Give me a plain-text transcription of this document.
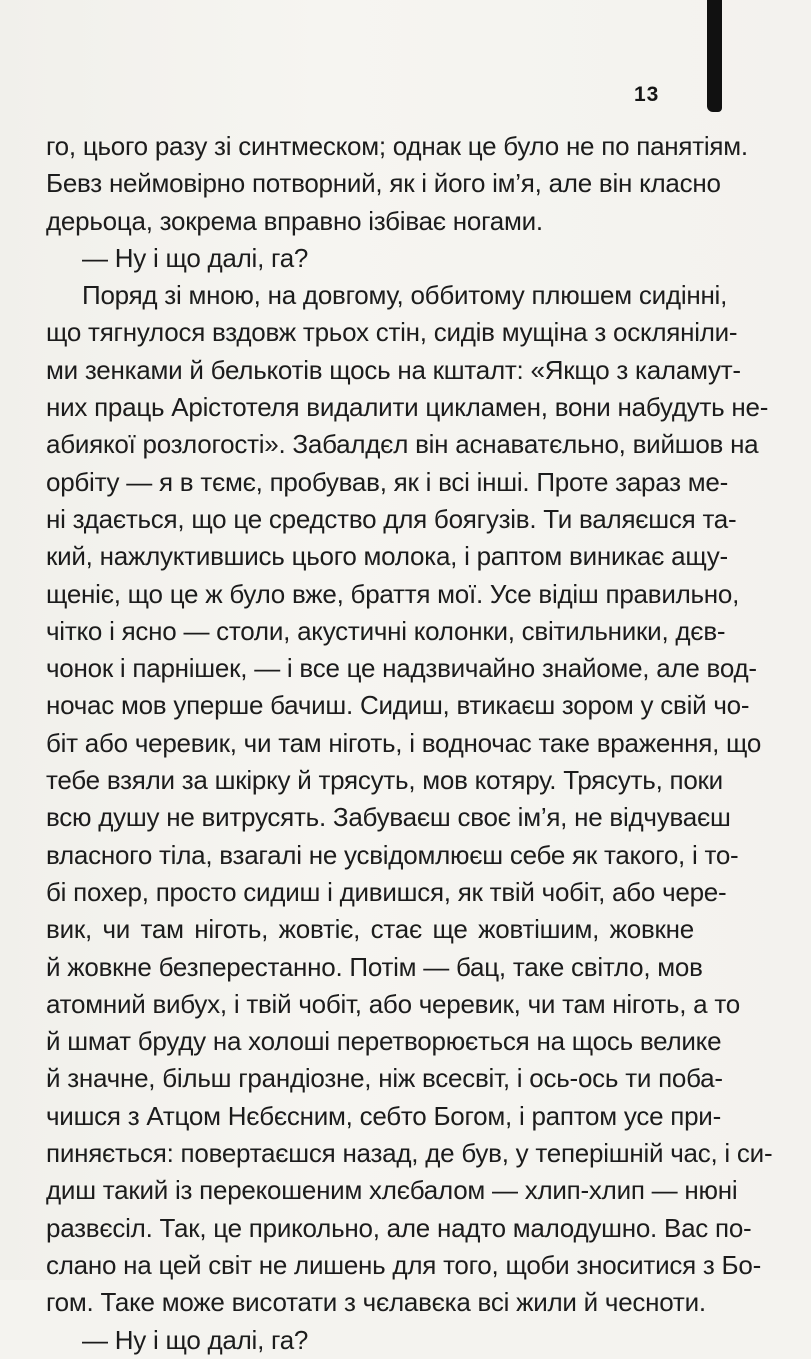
13
го, цього разу зі синтмеском; однак це було не по панятіям.
Бевз неймовірно потворний, як і його ім’я, але він класно
дерьоца, зокрема вправно ізбіває ногами.
— Ну і що далі, га?
Поряд зі мною, на довгому, оббитому плюшем сидінні,
що тягнулося вздовж трьох стін, сидів мущіна з оскляніли-
ми зенками й белькотів щось на кшталт: «Якщо з каламут-
них праць Арістотеля видалити цикламен, вони набудуть не-
абиякої розлогості». Забалдєл він аснаватєльно, вийшов на
орбіту — я в тємє, пробував, як і всі інші. Проте зараз ме-
ні здається, що це средство для боягузів. Ти валяєшся та-
кий, нажлуктившись цього молока, і раптом виникає ащу-
щеніє, що це ж було вже, браття мої. Усе відіш правильно,
чітко і ясно — столи, акустичні колонки, світильники, дєв-
чонок і парнішек, — і все це надзвичайно знайоме, але вод-
ночас мов уперше бачиш. Сидиш, втикаєш зором у свій чо-
біт або черевик, чи там ніготь, і водночас таке враження, що
тебе взяли за шкірку й трясуть, мов котяру. Трясуть, поки
всю душу не витрусять. Забуваєш своє ім’я, не відчуваєш
власного тіла, взагалі не усвідомлюєш себе як такого, і то-
бі похер, просто сидиш і дивишся, як твій чобіт, або чере-
вик, чи там ніготь, жовтіє, стає ще жовтішим, жовкне
й жовкне безперестанно. Потім — бац, таке світло, мов
атомний вибух, і твій чобіт, або черевик, чи там ніготь, а то
й шмат бруду на холоші перетворюється на щось велике
й значне, більш грандіозне, ніж всесвіт, і ось-ось ти поба-
чишся з Атцом Нєбєсним, себто Богом, і раптом усе при-
пиняється: повертаєшся назад, де був, у теперішній час, і си-
диш такий із перекошеним хлєбалом — хлип-хлип — нюні
развєсіл. Так, це прикольно, але надто малодушно. Вас по-
слано на цей світ не лишень для того, щоби зноситися з Бо-
гом. Таке може висотати з чєлавєка всі жили й чесноти.
— Ну і що далі, га?
